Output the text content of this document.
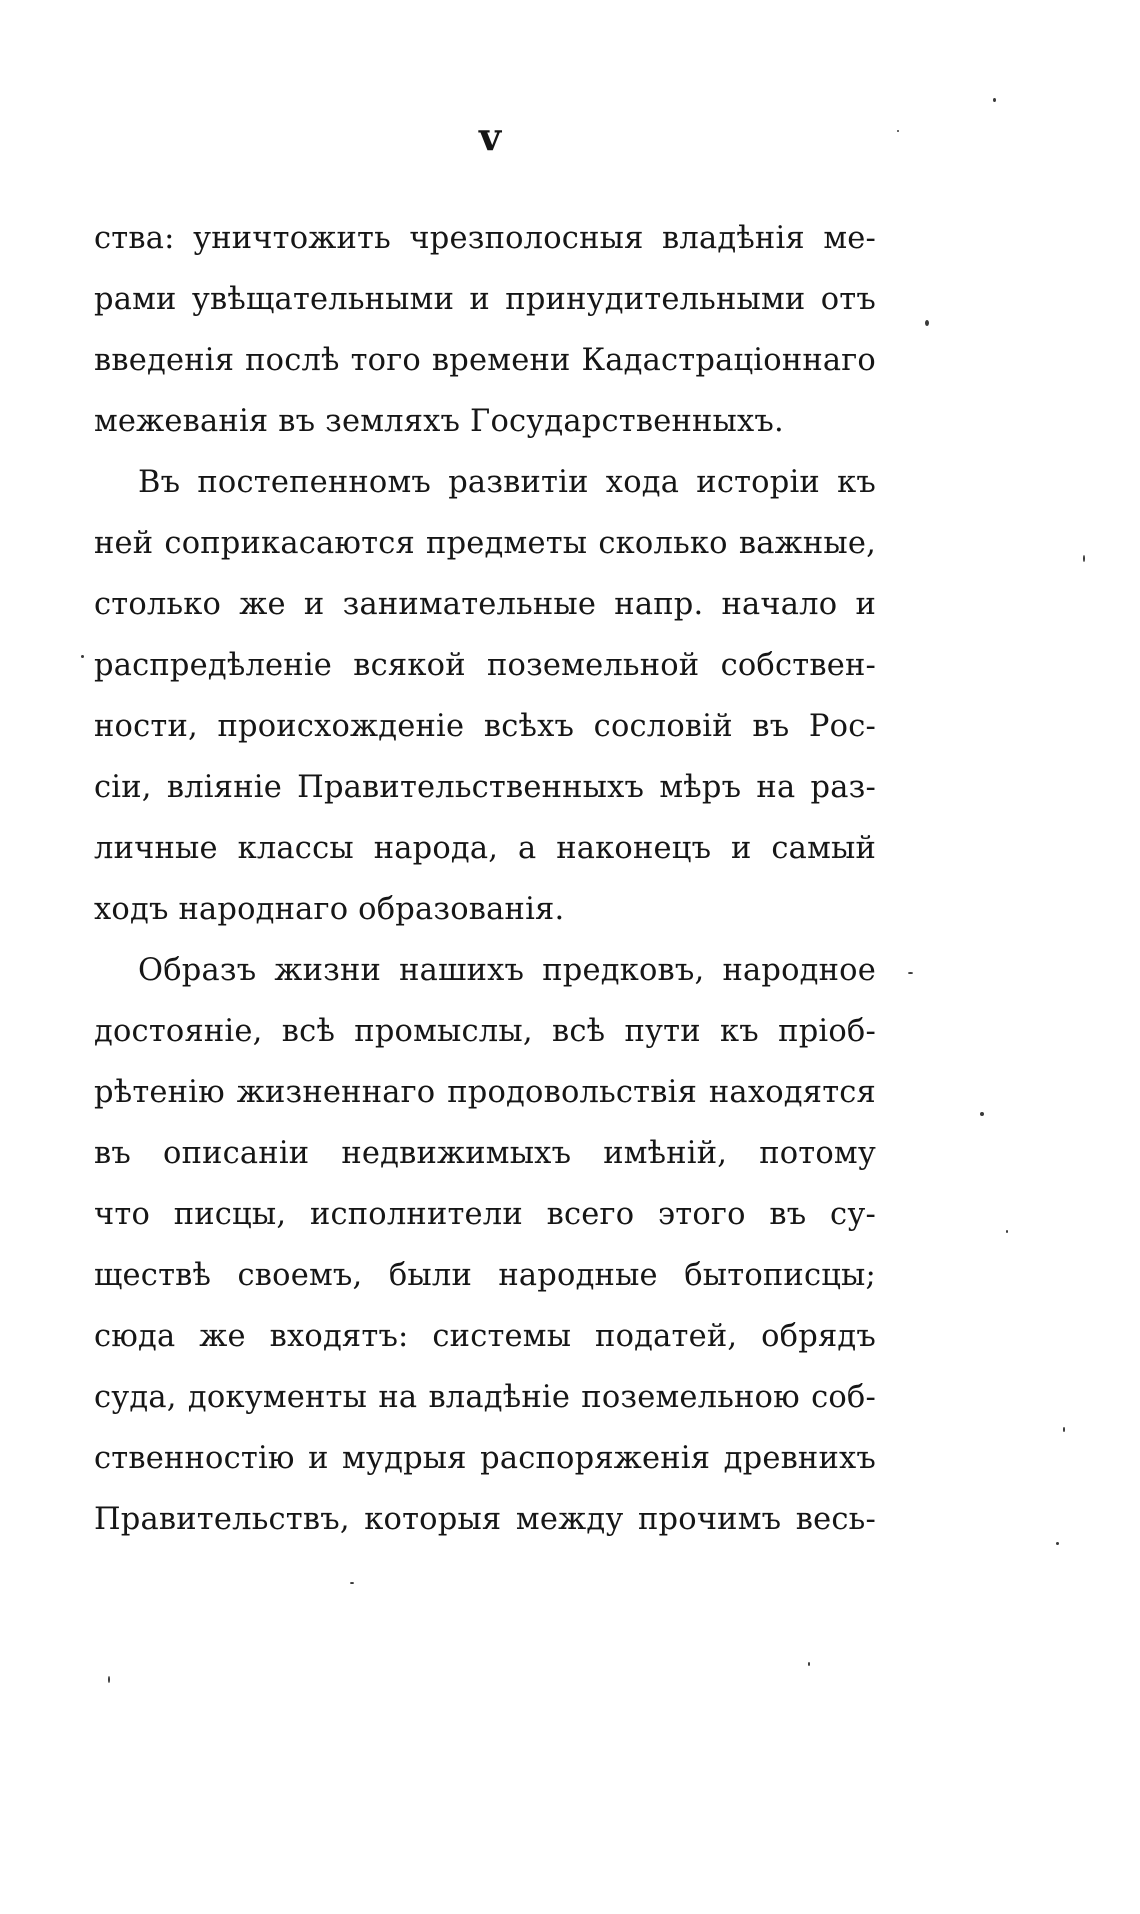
v
ства: уничтожить чрезполосныя владѣнія ме-
рами увѣщательными и принудительными отъ
введенія послѣ того времени Кадастраціоннаго
межеванія въ земляхъ Государственныхъ.
Въ постепенномъ развитіи хода исторіи къ
ней соприкасаются предметы сколько важные,
столько же и занимательные напр. начало и
распредѣленіе всякой поземельной собствен-
ности, происхожденіе всѣхъ сословій въ Рос-
сіи, вліяніе Правительственныхъ мѣръ на раз-
личные классы народа, а наконецъ и самый
ходъ народнаго образованія.
Образъ жизни нашихъ предковъ, народное
достояніе, всѣ промыслы, всѣ пути къ пріоб-
рѣтенію жизненнаго продовольствія находятся
въ описаніи недвижимыхъ имѣній, потому
что писцы, исполнители всего этого въ су-
ществѣ своемъ, были народные бытописцы;
сюда же входятъ: системы податей, обрядъ
суда, документы на владѣніе поземельною соб-
ственностію и мудрыя распоряженія древнихъ
Правительствъ, которыя между прочимъ весь-
